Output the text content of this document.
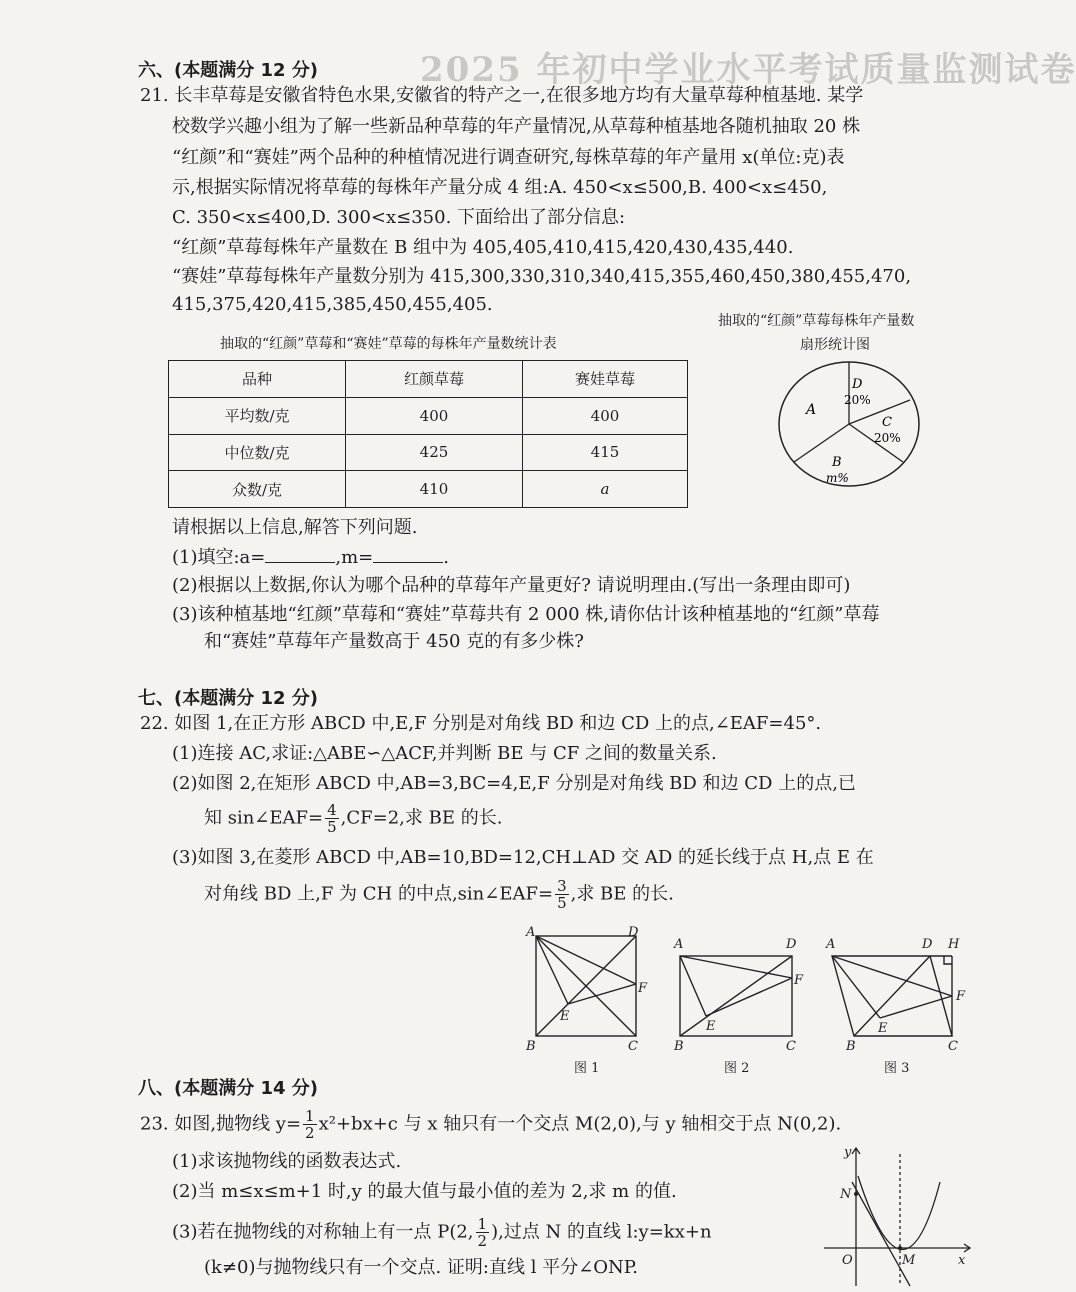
2025 年初中学业水平考试质量监测试卷
六、(本题满分 12 分)
21. 长丰草莓是安徽省特色水果,安徽省的特产之一,在很多地方均有大量草莓种植基地. 某学
校数学兴趣小组为了解一些新品种草莓的年产量情况,从草莓种植基地各随机抽取 20 株
“红颜”和“赛娃”两个品种的种植情况进行调查研究,每株草莓的年产量用 x(单位:克)表
示,根据实际情况将草莓的每株年产量分成 4 组:A. 450<x≤500,B. 400<x≤450,
C. 350<x≤400,D. 300<x≤350. 下面给出了部分信息:
“红颜”草莓每株年产量数在 B 组中为 405,405,410,415,420,430,435,440.
“赛娃”草莓每株年产量数分别为 415,300,330,310,340,415,355,460,450,380,455,470,
415,375,420,415,385,450,455,405.
抽取的“红颜”草莓和“赛娃”草莓的每株年产量数统计表
品种	红颜草莓	赛娃草莓
平均数/克	400	400
中位数/克	425	415
众数/克	410	a
抽取的“红颜”草莓每株年产量数
扇形统计图
A
D
20%
C
20%
B
m%
请根据以上信息,解答下列问题.
(1)填空:a=	,m=	.
(2)根据以上数据,你认为哪个品种的草莓年产量更好? 请说明理由.(写出一条理由即可)
(3)该种植基地“红颜”草莓和“赛娃”草莓共有 2 000 株,请你估计该种植基地的“红颜”草莓
和“赛娃”草莓年产量数高于 450 克的有多少株?
七、(本题满分 12 分)
22. 如图 1,在正方形 ABCD 中,E,F 分别是对角线 BD 和边 CD 上的点,∠EAF=45°.
(1)连接 AC,求证:△ABE∽△ACF,并判断 BE 与 CF 之间的数量关系.
(2)如图 2,在矩形 ABCD 中,AB=3,BC=4,E,F 分别是对角线 BD 和边 CD 上的点,已
知 sin∠EAF= $\frac{4}{5} ,CF=2$,求 BE 的长.
(3)如图 3,在菱形 ABCD 中,AB=10,BD=12,CH⊥AD 交 AD 的延长线于点 H,点 E 在
对角线 BD 上,F 为 CH 的中点,sin∠EAF= $\frac{3}{5}$ ,求 BE 的长.
A	D
B	C
F
E
A	D
B	C
F
E
A	D H
B	C
F
E
图 1	图 2	图 3
八、(本题满分 14 分)
23. 如图,抛物线 $y= \frac{1}{2} x^2+bx+c$ 与 x 轴只有一个交点 M(2,0),与 y 轴相交于点 N(0,2).
(1)求该抛物线的函数表达式.
(2)当 m≤x≤m+1 时,y 的最大值与最小值的差为 2,求 m 的值.
(3)若在抛物线的对称轴上有一点 P(2, $\frac{1}{2}$ ),过点 N 的直线 l:y=kx+n
(k≠0)与抛物线只有一个交点. 证明:直线 l 平分∠ONP.
y
x
N
O	M
